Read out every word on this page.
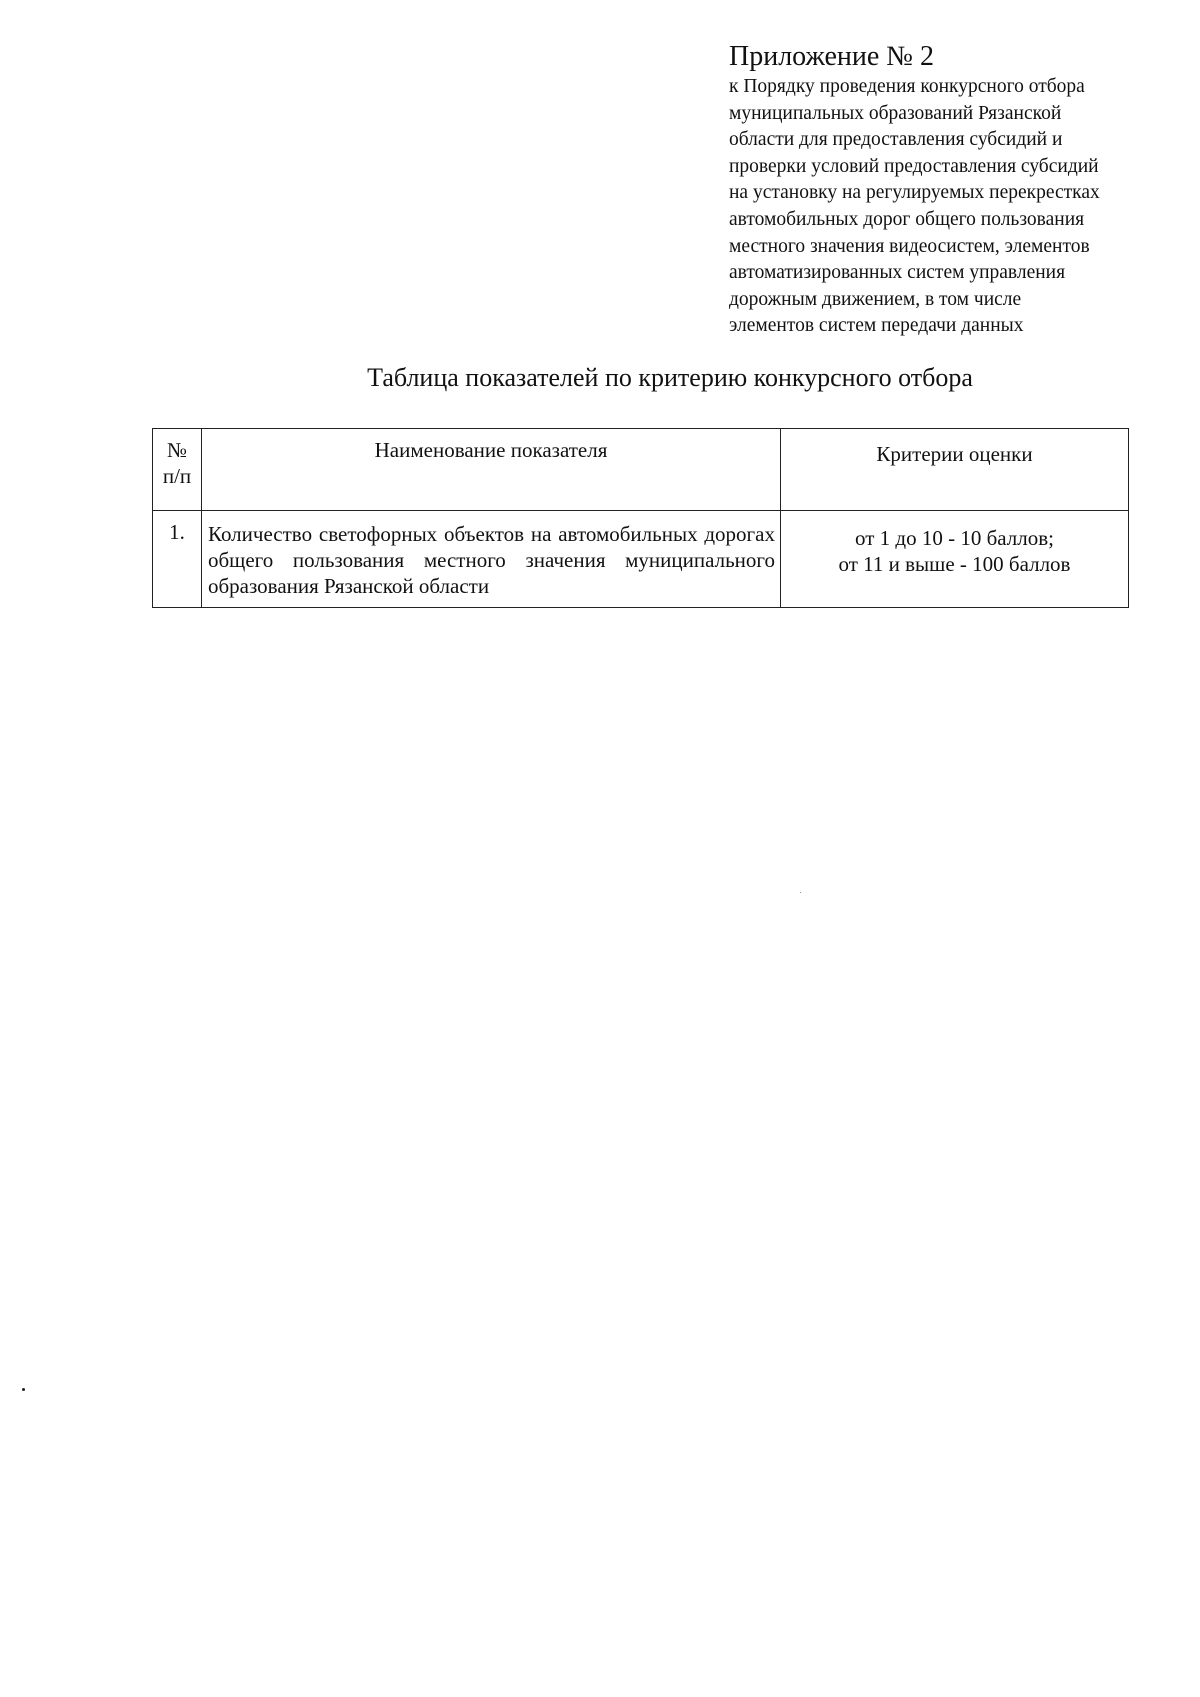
Приложение № 2
к Порядку проведения конкурсного отбора
муниципальных образований Рязанской
области для предоставления субсидий и
проверки условий предоставления субсидий
на установку на регулируемых перекрестках
автомобильных дорог общего пользования
местного значения видеосистем, элементов
автоматизированных систем управления
дорожным движением, в том числе
элементов систем передачи данных
Таблица показателей по критерию конкурсного отбора
№
п/п	Наименование показателя	Критерии оценки
1.	Количество светофорных объектов на автомобильных дорогах общего пользования местного значения муниципального образования Рязанской области	от 1 до 10 - 10 баллов;
от 11 и выше - 100 баллов
